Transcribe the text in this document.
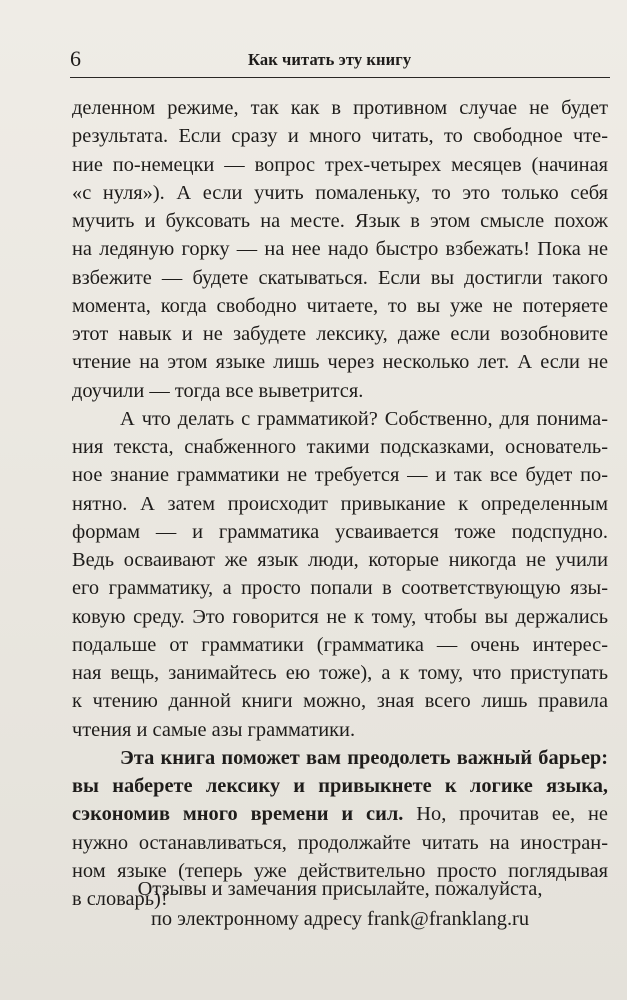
6	Как читать эту книгу
деленном режиме, так как в противном случае не будет
результата. Если сразу и много читать, то свободное чте-
ние по-немецки — вопрос трех-четырех месяцев (начиная
«с нуля»). А если учить помаленьку, то это только себя
мучить и буксовать на месте. Язык в этом смысле похож
на ледяную горку — на нее надо быстро взбежать! Пока не
взбежите — будете скатываться. Если вы достигли такого
момента, когда свободно читаете, то вы уже не потеряете
этот навык и не забудете лексику, даже если возобновите
чтение на этом языке лишь через несколько лет. А если не
доучили — тогда все выветрится.
А что делать с грамматикой? Собственно, для понима-
ния текста, снабженного такими подсказками, основатель-
ное знание грамматики не требуется — и так все будет по-
нятно. А затем происходит привыкание к определенным
формам — и грамматика усваивается тоже подспудно.
Ведь осваивают же язык люди, которые никогда не учили
его грамматику, а просто попали в соответствующую язы-
ковую среду. Это говорится не к тому, чтобы вы держались
подальше от грамматики (грамматика — очень интерес-
ная вещь, занимайтесь ею тоже), а к тому, что приступать
к чтению данной книги можно, зная всего лишь правила
чтения и самые азы грамматики.
Эта книга поможет вам преодолеть важный барьер:
вы наберете лексику и привыкнете к логике языка,
сэкономив много времени и сил. Но, прочитав ее, не
нужно останавливаться, продолжайте читать на иностран-
ном языке (теперь уже действительно просто поглядывая
в словарь)!
Отзывы и замечания присылайте, пожалуйста,
по электронному адресу frank@franklang.ru
